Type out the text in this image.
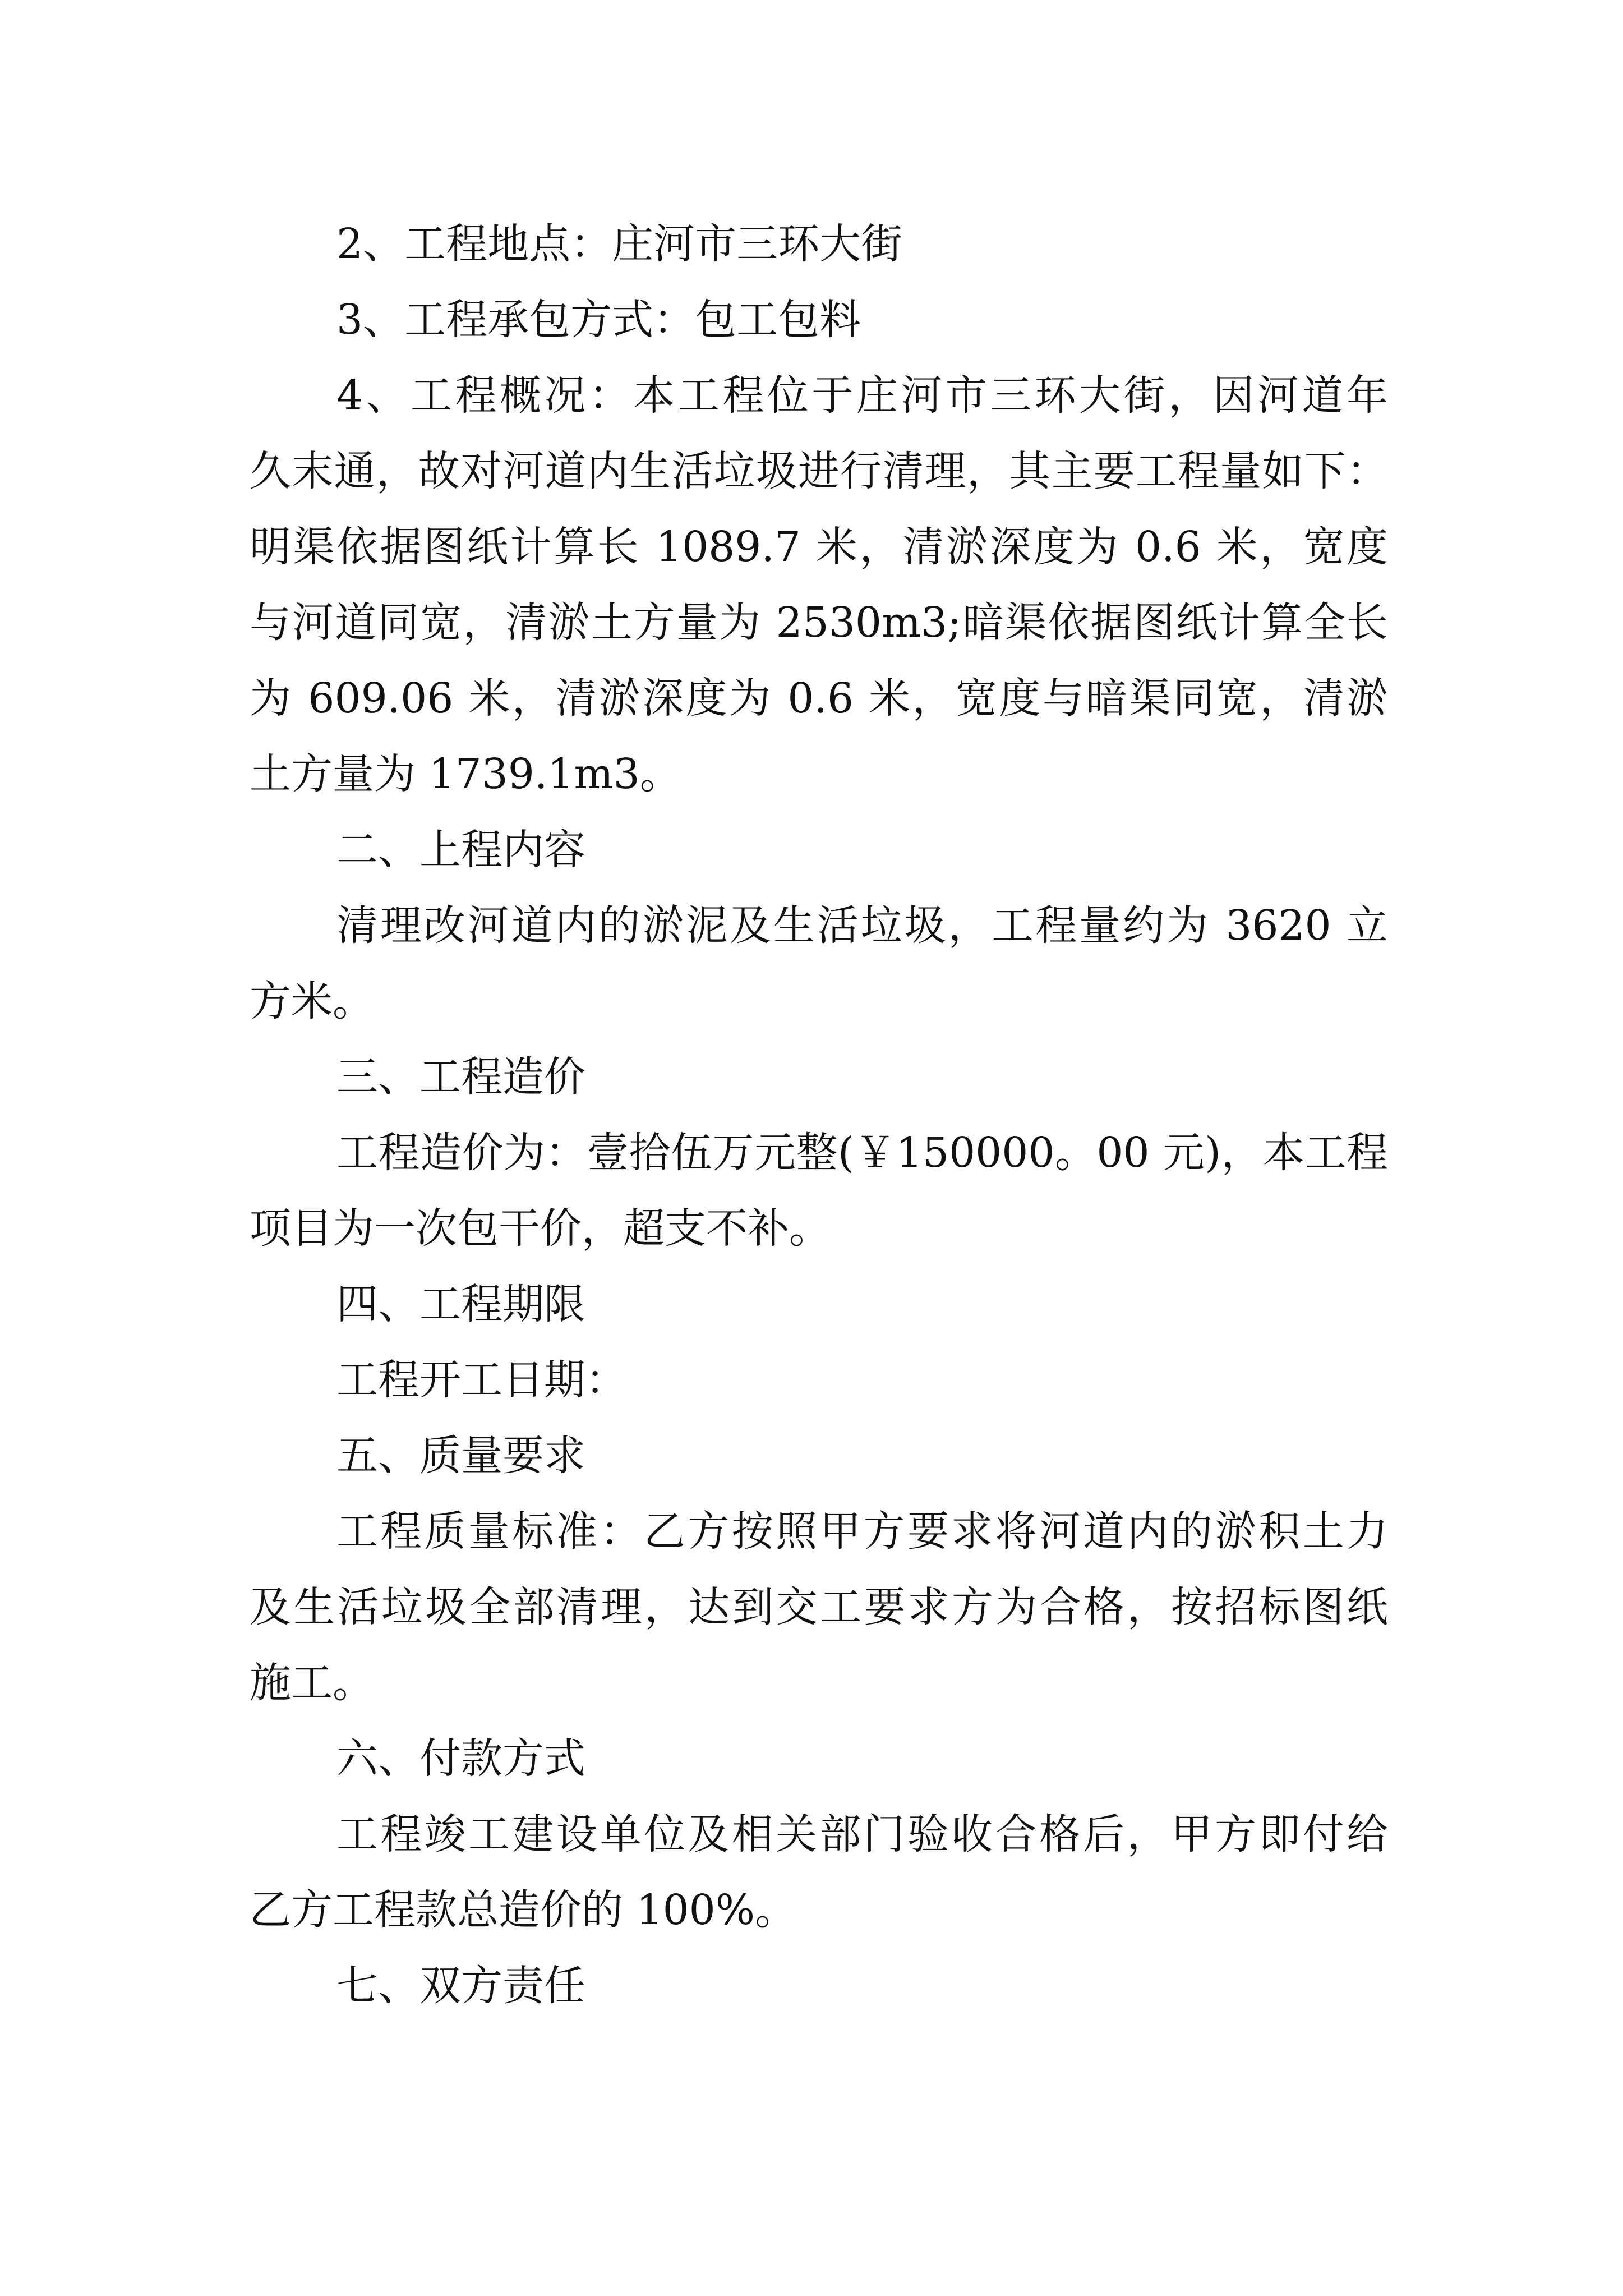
2、工程地点：庄河市三环大街

3、工程承包方式：包工包料

4、工程概况：本工程位于庄河市三环大街，因河道年

久末通，故对河道内生活垃圾进行清理，其主要工程量如下：

明渠依据图纸计算长 1089.7 米，清淤深度为 0.6 米，宽度

与河道同宽，清淤土方量为 2530m3;暗渠依据图纸计算全长

为 609.06 米，清淤深度为 0.6 米，宽度与暗渠同宽，清淤

土方量为 1739.1m3。

二、上程内容

清理改河道内的淤泥及生活垃圾，工程量约为 3620 立

方米。

三、工程造价

工程造价为：壹拾伍万元整(￥150000。00 元)，本工程

项目为一次包干价，超支不补。

四、工程期限

工程开工日期：

五、质量要求

工程质量标准：乙方按照甲方要求将河道内的淤积土力

及生活垃圾全部清理，达到交工要求方为合格，按招标图纸

施工。

六、付款方式

工程竣工建设单位及相关部门验收合格后，甲方即付给

乙方工程款总造价的 100%。

七、双方责任
